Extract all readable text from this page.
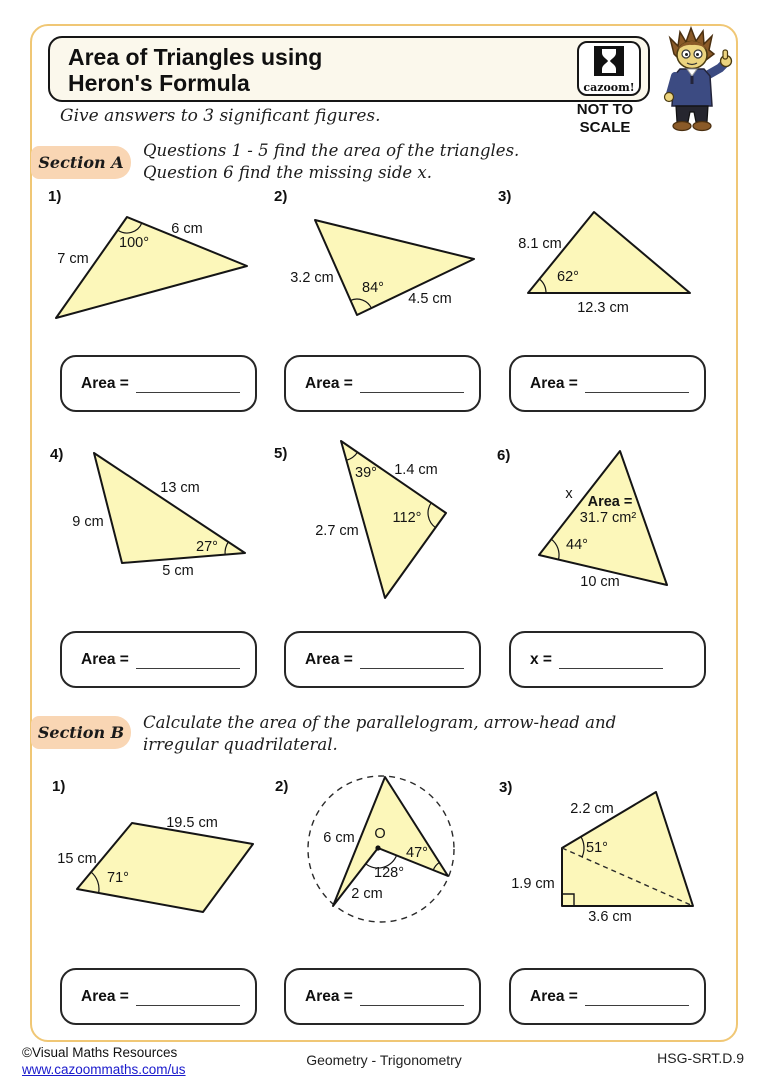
Area of Triangles using
Heron's Formula	cazoom!
Give answers to 3 significant figures.	NOT TO
SCALE
Section A
Questions 1 - 5 find the area of the triangles.
Question 6 find the missing side x.
1)	2)	3)
6 cm
100°
7 cm
3.2 cm
84°
4.5 cm
8.1 cm
62°
12.3 cm
Area =	Area =	Area =
4)	5)	6)
13 cm
9 cm
27°
5 cm
39° 1.4 cm
112°
2.7 cm
x Area =
31.7 cm²
44°
10 cm
Area =	Area =	x =
Section B
Calculate the area of the parallelogram, arrow-head and
irregular quadrilateral.
1)	2)	3)
19.5 cm
15 cm
71°
6 cm O
47°
128°
2 cm
2.2 cm
51°
1.9 cm
3.6 cm
Area =	Area =	Area =
©Visual Maths Resources
www.cazoommaths.com/us
Geometry - Trigonometry	HSG-SRT.D.9
